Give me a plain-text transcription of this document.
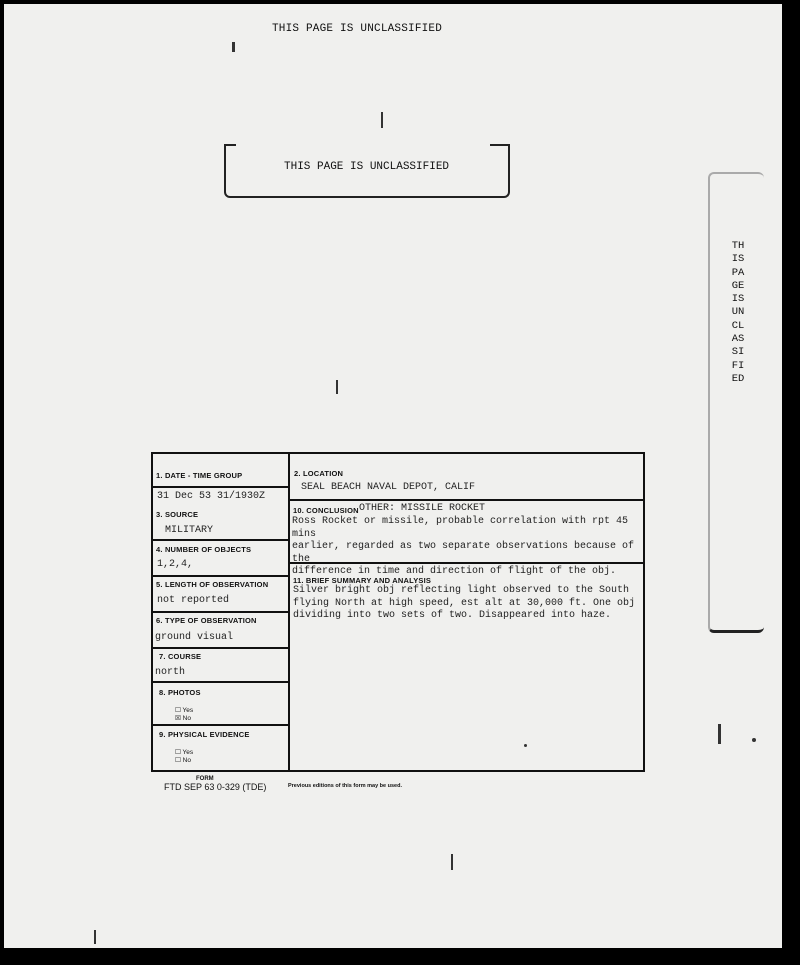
THIS PAGE IS UNCLASSIFIED
THIS PAGE IS UNCLASSIFIED
THISPAGEISUNCLASSIFIED
1. DATE - TIME GROUP
31 Dec 53 31/1930Z
2. LOCATION
SEAL BEACH NAVAL DEPOT, CALIF
3. SOURCE
MILITARY
4. NUMBER OF OBJECTS
1,2,4,
5. LENGTH OF OBSERVATION
not reported
6. TYPE OF OBSERVATION
ground visual
7. COURSE
north
8. PHOTOS
☐ Yes
☒ No
9. PHYSICAL EVIDENCE
☐ Yes
☐ No
10. CONCLUSION OTHER: MISSILE ROCKET
Ross Rocket or missile, probable correlation with rpt 45 mins
earlier, regarded as two separate observations because of the
difference in time and direction of flight of the obj.
11. BRIEF SUMMARY AND ANALYSIS
Silver bright obj reflecting light observed to the South
flying North at high speed, est alt at 30,000 ft. One obj
dividing into two sets of two. Disappeared into haze.
FORM
FTD SEP 63 0-329 (TDE)	Previous editions of this form may be used.
